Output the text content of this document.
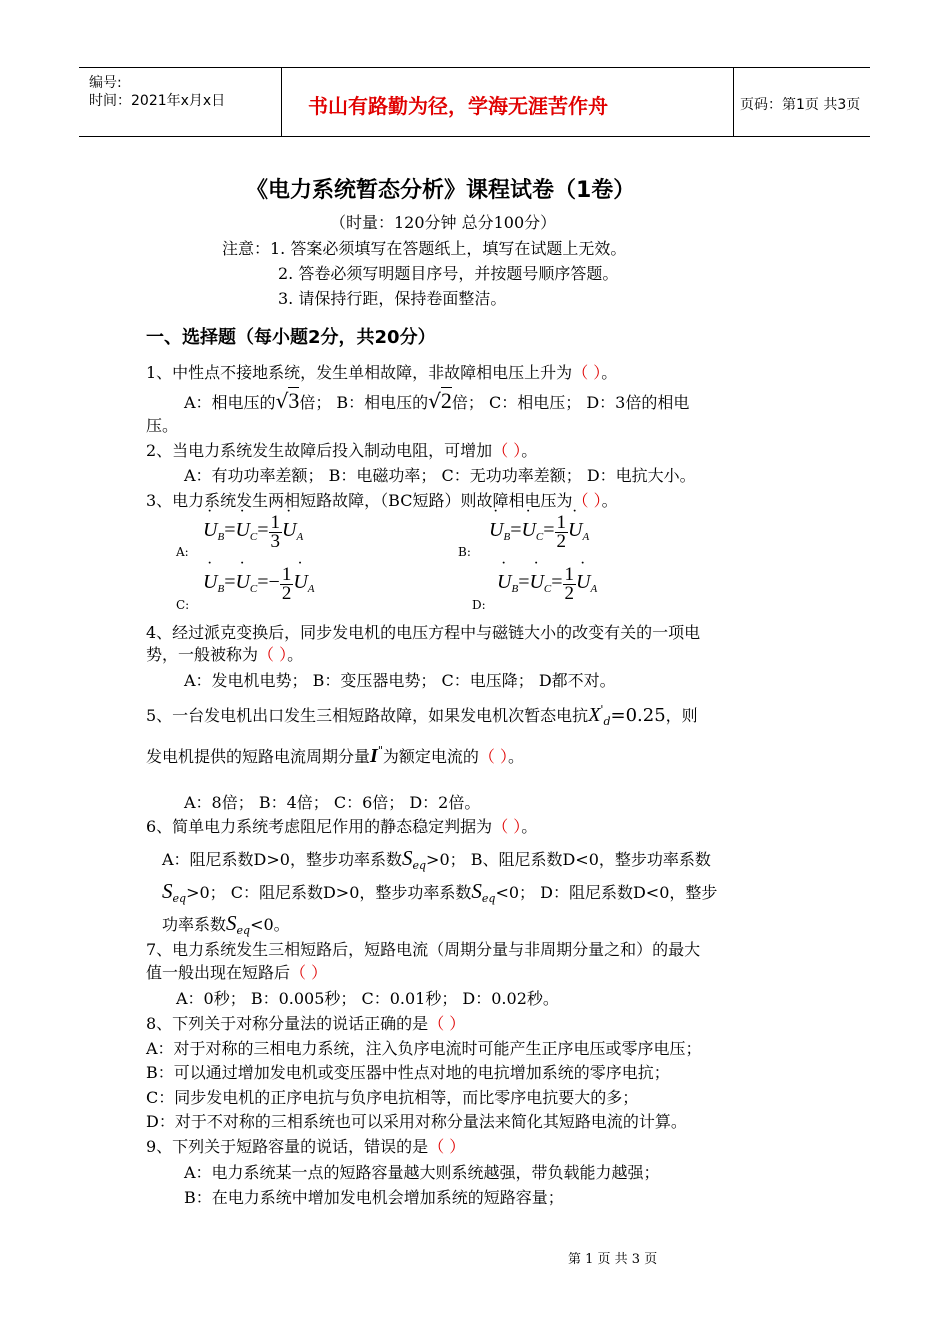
编号:
时间：2021年x月x日	书山有路勤为径，学海无涯苦作舟	页码：第1页 共3页
《电力系统暂态分析》课程试卷（1卷）
（时量：120分钟 总分100分）
注意：1. 答案必须填写在答题纸上，填写在试题上无效。
2. 答卷必须写明题目序号，并按题号顺序答题。
3. 请保持行距，保持卷面整洁。
一、选择题（每小题2分，共20分）
1、中性点不接地系统，发生单相故障，非故障相电压上升为（ ）。
A：相电压的√3倍； B：相电压的√2倍； C：相电压； D：3倍的相电
压。
2、当电力系统发生故障后投入制动电阻，可增加（ ）。
A：有功功率差额； B：电磁功率； C：无功功率差额； D：电抗大小。
3、电力系统发生两相短路故障，（BC短路）则故障相电压为（ ）。
A:
· $U_B=\cdot U_C= \frac{1}{3}$
· $U_A$
B:
· $U_B=\cdot U_C= \frac{1}{2}$
· $U_A$
C:
· $U_B=\cdot U_C=- \frac{1}{2}$
· $U_A$
D:
· $U_B=\cdot U_C= \frac{1}{2}$
· $U_A$
4、经过派克变换后，同步发电机的电压方程中与磁链大小的改变有关的一项电
势，一般被称为（ ）。
A：发电机电势； B：变压器电势； C：电压降； D都不对。
5、一台发电机出口发生三相短路故障，如果发电机次暂态电抗$X'_d=0.25$，则
发电机提供的短路电流周期分量I"为额定电流的（ ）。
A：8倍； B：4倍； C：6倍； D：2倍。
6、简单电力系统考虑阻尼作用的静态稳定判据为（ ）。
A：阻尼系数D>0，整步功率系数$S_{eq}>0$； B、阻尼系数D<0，整步功率系数
$S_{eq}>0$； C：阻尼系数D>0，整步功率系数$S_{eq}<0$； D：阻尼系数D<0，整步
功率系数$S_{eq}<0$。
7、电力系统发生三相短路后，短路电流（周期分量与非周期分量之和）的最大
值一般出现在短路后（ ）
A：0秒； B：0.005秒； C：0.01秒； D：0.02秒。
8、下列关于对称分量法的说话正确的是（ ）
A：对于对称的三相电力系统，注入负序电流时可能产生正序电压或零序电压；
B：可以通过增加发电机或变压器中性点对地的电抗增加系统的零序电抗；
C：同步发电机的正序电抗与负序电抗相等，而比零序电抗要大的多；
D：对于不对称的三相系统也可以采用对称分量法来简化其短路电流的计算。
9、下列关于短路容量的说话，错误的是（ ）
A：电力系统某一点的短路容量越大则系统越强，带负载能力越强；
B：在电力系统中增加发电机会增加系统的短路容量；
第 1 页 共 3 页
